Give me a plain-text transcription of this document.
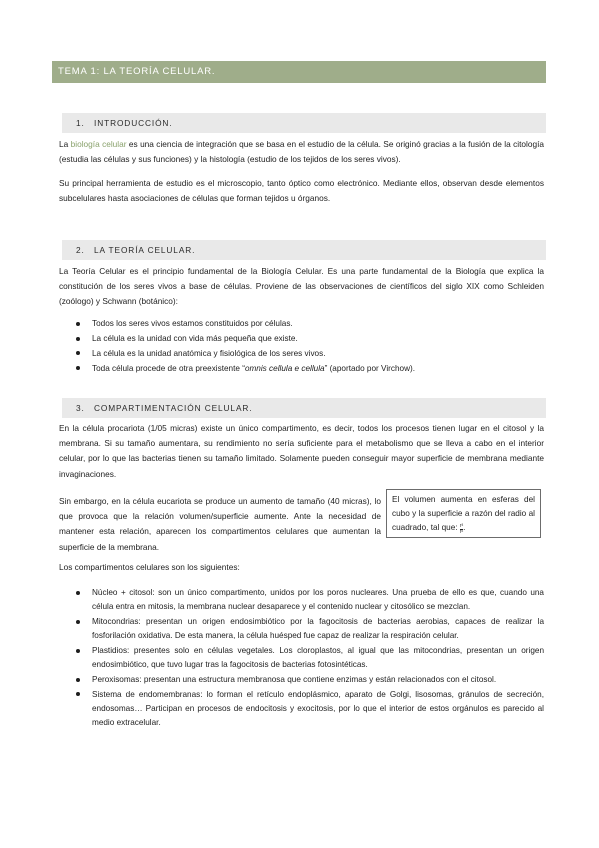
TEMA 1: LA TEORÍA CELULAR.
1. INTRODUCCIÓN.

La biología celular es una ciencia de integración que se basa en el estudio de la célula. Se originó gracias a la fusión de la citología (estudia las células y sus funciones) y la histología (estudio de los tejidos de los seres vivos).

Su principal herramienta de estudio es el microscopio, tanto óptico como electrónico. Mediante ellos, observan desde elementos subcelulares hasta asociaciones de células que forman tejidos u órganos.

2. LA TEORÍA CELULAR.

La Teoría Celular es el principio fundamental de la Biología Celular. Es una parte fundamental de la Biología que explica la constitución de los seres vivos a base de células. Proviene de las observaciones de científicos del siglo XIX como Schleiden (zoólogo) y Schwann (botánico):

Todos los seres vivos estamos constituidos por células.
La célula es la unidad con vida más pequeña que existe.
La célula es la unidad anatómica y fisiológica de los seres vivos.
Toda célula procede de otra preexistente “omnis cellula e cellula” (aportado por Virchow).
3. COMPARTIMENTACIÓN CELULAR.

En la célula procariota (1/05 micras) existe un único compartimento, es decir, todos los procesos tienen lugar en el citosol y la membrana. Si su tamaño aumentara, su rendimiento no sería suficiente para el metabolismo que se lleva a cabo en el interior celular, por lo que las bacterias tienen su tamaño limitado. Solamente pueden conseguir mayor superficie de membrana mediante invaginaciones.

Sin embargo, en la célula eucariota se produce un aumento de tamaño (40 micras), lo que provoca que la relación volumen/superficie aumente. Ante la necesidad de mantener esta relación, aparecen los compartimentos celulares que aumentan la superficie de la membrana.

El volumen aumenta en esferas del cubo y la superficie a razón del radio al cuadrado, tal que: $\frac{\text{r³}}{\text{r²}}$ .

Los compartimentos celulares son los siguientes:

Núcleo + citosol: son un único compartimento, unidos por los poros nucleares. Una prueba de ello es que, cuando una célula entra en mitosis, la membrana nuclear desaparece y el contenido nuclear y citosólico se mezclan.
Mitocondrias: presentan un origen endosimbiótico por la fagocitosis de bacterias aerobias, capaces de realizar la fosforilación oxidativa. De esta manera, la célula huésped fue capaz de realizar la respiración celular.
Plastidios: presentes solo en células vegetales. Los cloroplastos, al igual que las mitocondrias, presentan un origen endosimbiótico, que tuvo lugar tras la fagocitosis de bacterias fotosintéticas.
Peroxisomas: presentan una estructura membranosa que contiene enzimas y están relacionados con el citosol.
Sistema de endomembranas: lo forman el retículo endoplásmico, aparato de Golgi, lisosomas, gránulos de secreción, endosomas… Participan en procesos de endocitosis y exocitosis, por lo que el interior de estos orgánulos es parecido al medio extracelular.
